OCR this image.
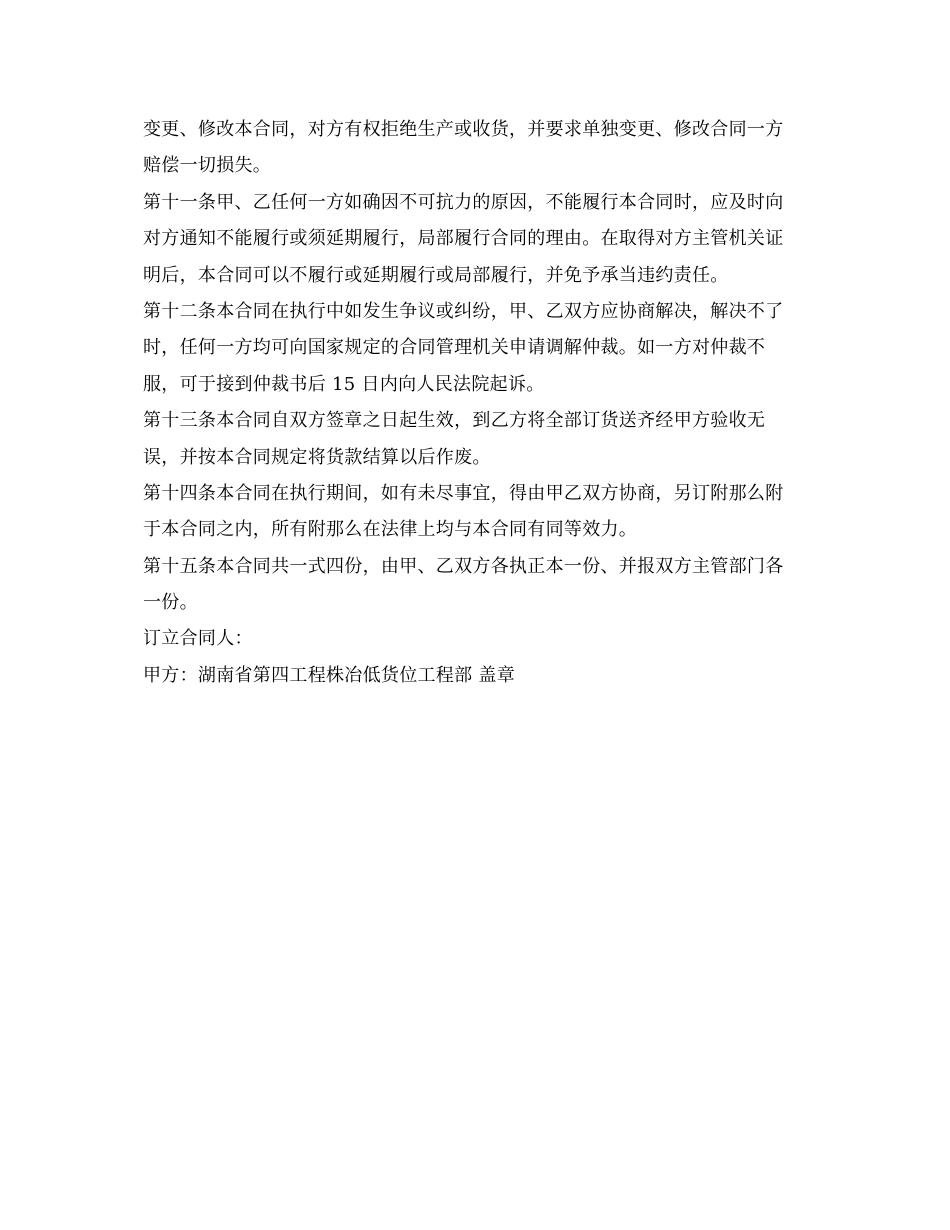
变更、修改本合同，对方有权拒绝生产或收货，并要求单独变更、修改合同一方
赔偿一切损失。
第十一条甲、乙任何一方如确因不可抗力的原因，不能履行本合同时，应及时向
对方通知不能履行或须延期履行，局部履行合同的理由。在取得对方主管机关证
明后，本合同可以不履行或延期履行或局部履行，并免予承当违约责任。
第十二条本合同在执行中如发生争议或纠纷，甲、乙双方应协商解决，解决不了
时，任何一方均可向国家规定的合同管理机关申请调解仲裁。如一方对仲裁不
服，可于接到仲裁书后 15 日内向人民法院起诉。
第十三条本合同自双方签章之日起生效，到乙方将全部订货送齐经甲方验收无
误，并按本合同规定将货款结算以后作废。
第十四条本合同在执行期间，如有未尽事宜，得由甲乙双方协商，另订附那么附
于本合同之内，所有附那么在法律上均与本合同有同等效力。
第十五条本合同共一式四份，由甲、乙双方各执正本一份、并报双方主管部门各
一份。
订立合同人：
甲方：湖南省第四工程株冶低货位工程部 盖章
